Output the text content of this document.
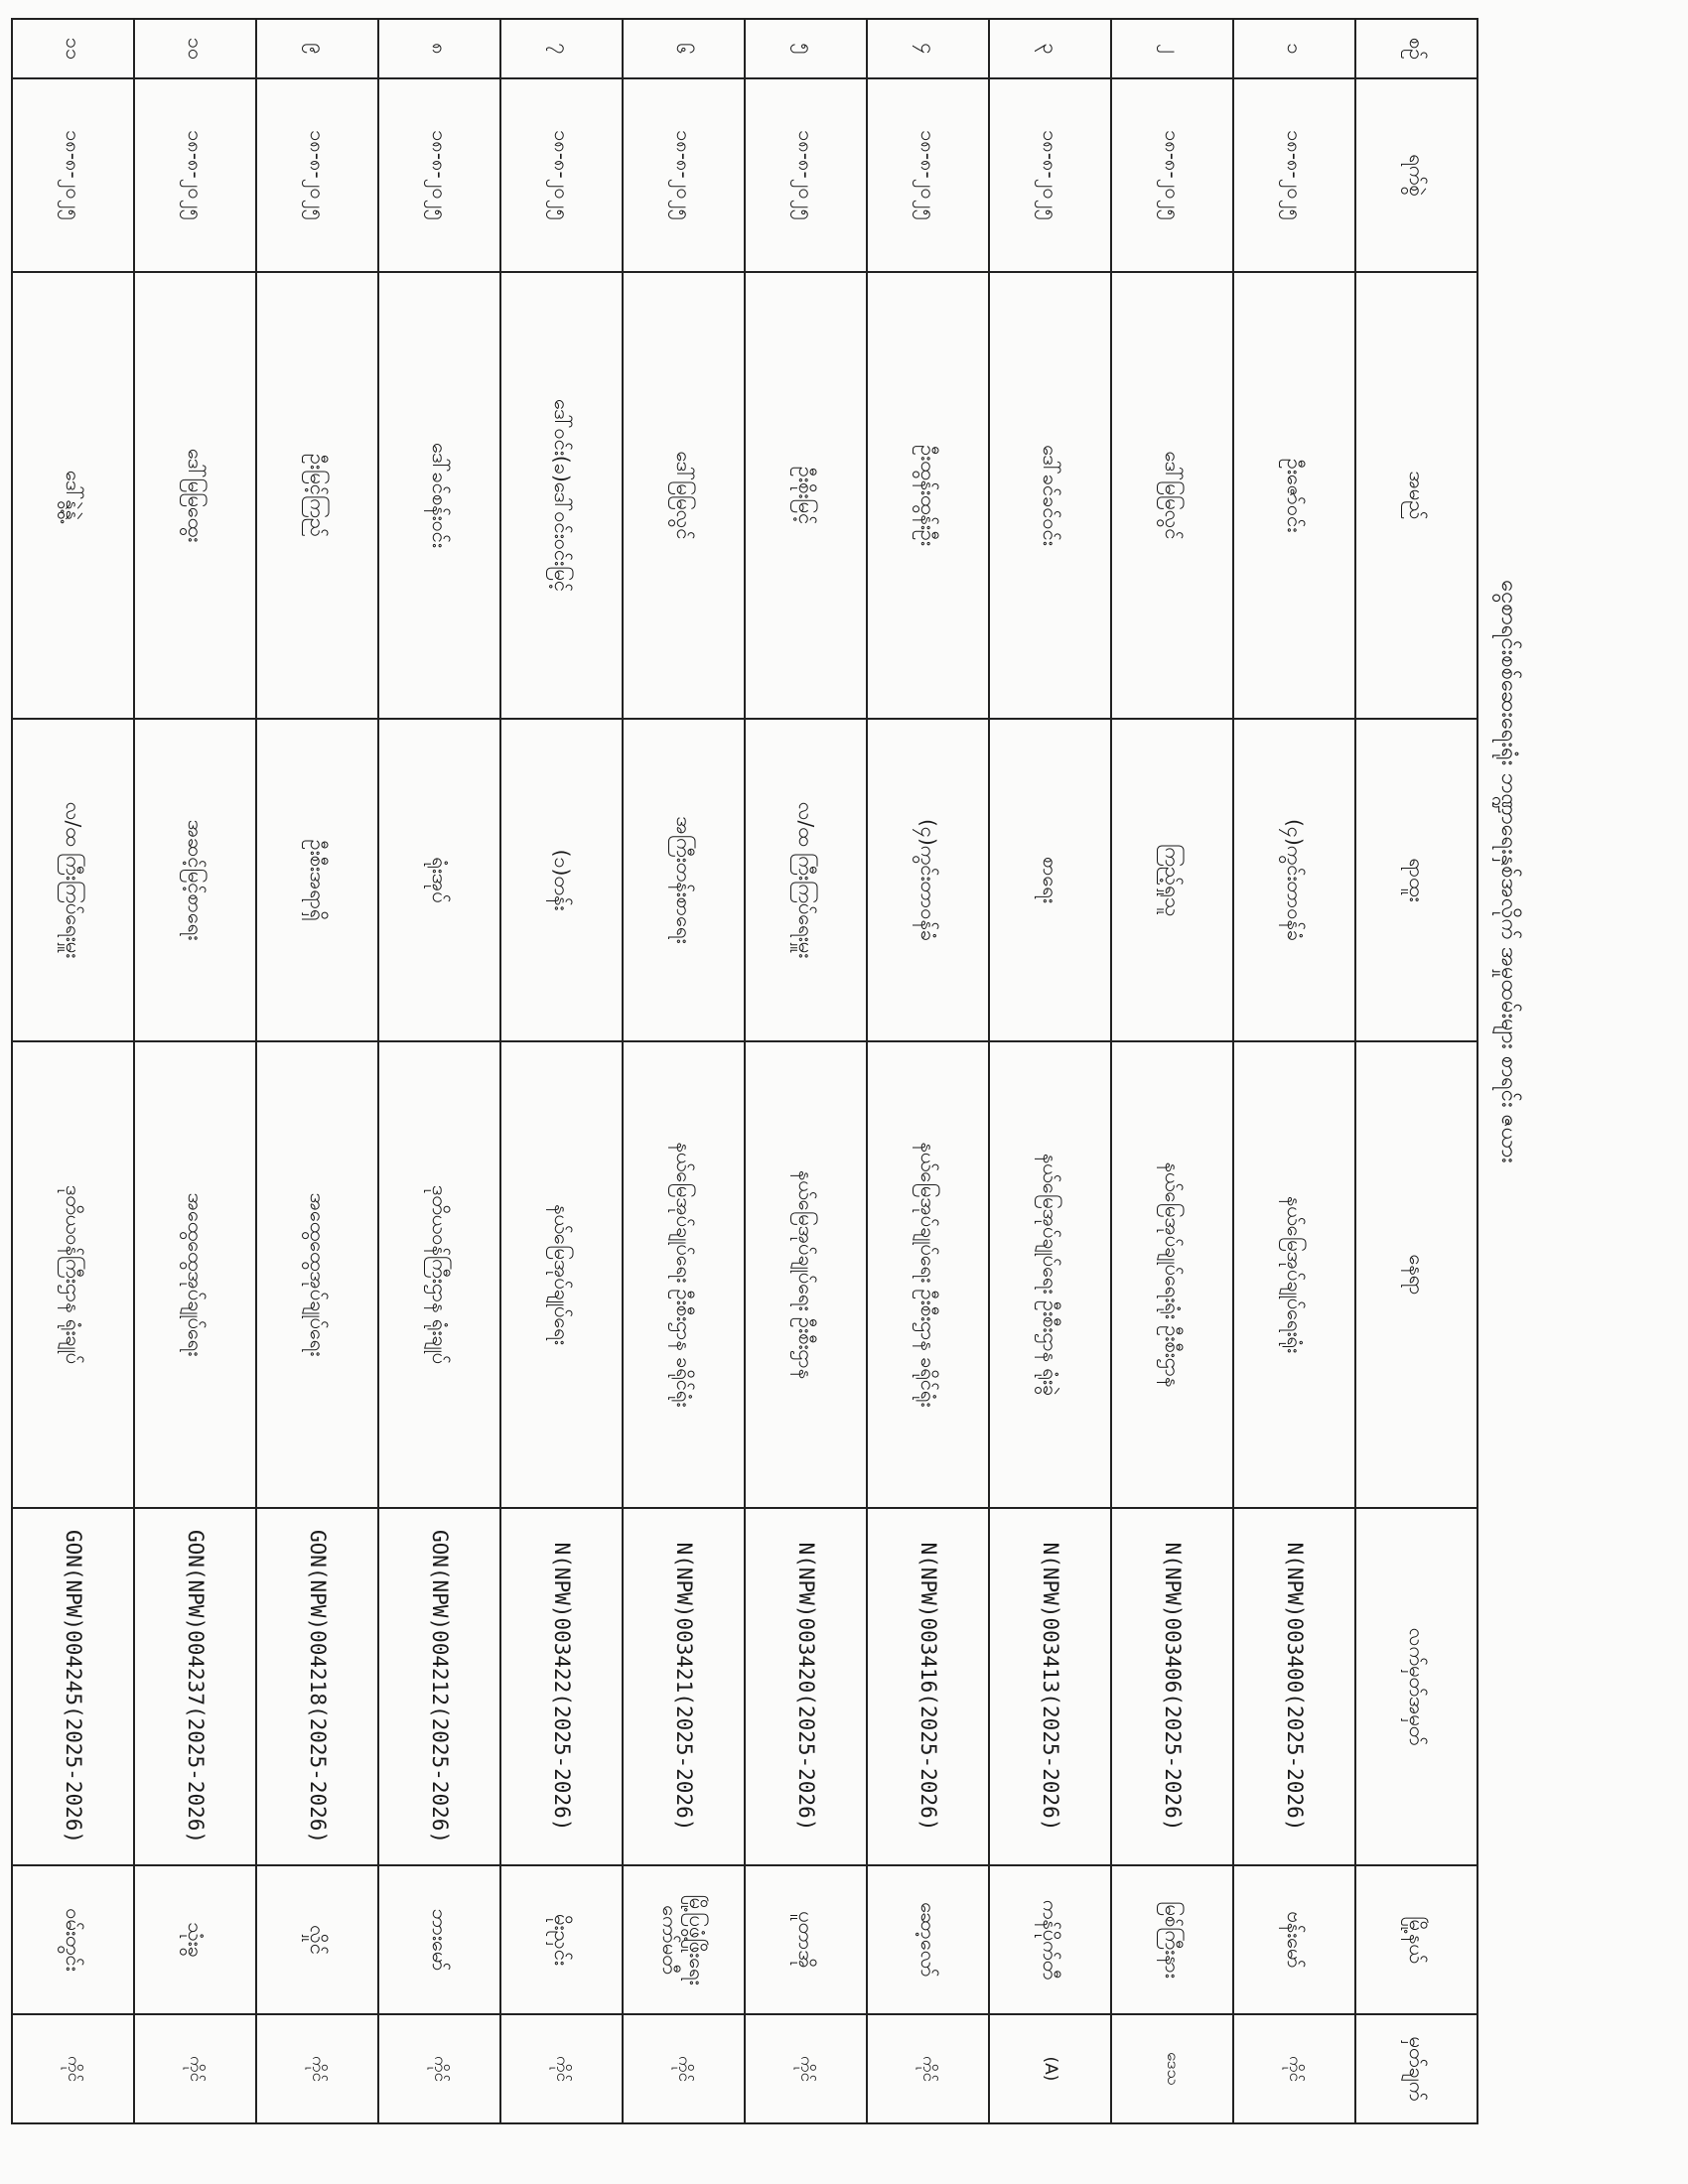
ငွေစာရင်းစစ်ဆေးရေးရုံး ဘဏ္ဍာရေးနှစ်အလိုက် အမှုထမ်းများ စာရင်း ဇယား
စဉ်	ရက်စွဲ	အမည်	ရာထူး	နေရာ	လက်မှတ်အမှတ်	မြို့နယ်	မှတ်ချက်
၁	၁၈-၈-၂၀၂၅	ဦးဇော်ဝင်း	(၄)ကွင်းတာဝန်ခံ	နယ်မြေအုပ်ချုပ်ရေးရုံး	N(NPW)003400(2025-2026)	ဗန်းမော်	ကိုင်
၂	၁၈-၈-၂၀၂၅	ဒေါ်မြမြလွင်	ကြည့်ရှုသူ	နယ်မြေအုပ်ချုပ်ရေးရုံး ဦးစီးဌာန	N(NPW)003406(2025-2026)	မြစ်ကြီးနား	ဒေသ
၃	၁၈-၈-၂၀၂၅	ဒေါ်ခင်ခင်ဝင်း	စာရေး	နယ်မြေအုပ်ချုပ်ရေး ဦးစီးဌာန ရုံးခွဲ	N(NPW)003413(2025-2026)	ကန်ပိုက်တီ	(A)
၄	၁၈-၈-၂၀၂၅	ဦးထွန်းထွန်းဦး	(၄)ကွင်းတာဝန်ခံ	နယ်မြေအုပ်ချုပ်ရေး ဦးစီးဌာန ခရိုင်ရုံး	N(NPW)003416(2025-2026)	ဆော့လော်	ကိုင်
၅	၁၈-၈-၂၀၂၅	ဦးစိုးမြင့်	လ/ထ ကြီးကြပ်ရေးမှူး	နယ်မြေအုပ်ချုပ်ရေး ဦးစီးဌာန	N(NPW)003420(2025-2026)	ပူတာအို	ကိုင်
၆	၁၈-၈-၂၀၂၅	ဒေါ်မြမြလွင်	အကြီးတန်းစာရေး	နယ်မြေအုပ်ချုပ်ရေး ဦးစီးဌာန ခရိုင်ရုံး	N(NPW)003421(2025-2026)	မြို့ပြဖွံ့ဖြိုးရေးကော်မတီ	ကိုင်
၇	၁၈-၈-၂၀၂၅	ဒေါ်ဝင်း(ခ)ဒေါ်ဝင်းဝင်းမြင့်	(၁)တန်း	နယ်မြေအုပ်ချုပ်ရေး	N(NPW)003422(2025-2026)	မိုးညှင်း	ကိုင်
၈	၁၈-၈-၂၀၂၅	ဒေါ်ခင်စန်းဝင်း	ရုံးအုပ်	ဒုတိယဝန်ကြီးဌာန ရုံးချုပ်	GON(NPW)004212(2025-2026)	ဘားမော်	ကိုင်
၉	၁၈-၈-၂၀၂၅	ဦးမြင့်ကြည်	ဦးစီးအရာရှိ	အထွေထွေအုပ်ချုပ်ရေး	GON(NPW)004218(2025-2026)	လှိုင်	ကိုင်
၁၀	၁၈-၈-၂၀၂၅	ဒေါ်မြမြထွေး	အဆင့်မြင့်စာရေး	အထွေထွေအုပ်ချုပ်ရေး	GON(NPW)004237(2025-2026)	သုံးခွ	ကိုင်
၁၁	၁၈-၈-၂၀၂၅	ဒေါ်နွဲ့နွဲ့	လ/ထ ကြီးကြပ်ရေးမှူး	ဒုတိယဝန်ကြီးဌာန ရုံးချုပ်	GON(NPW)004245(2025-2026)	ဝမ်းတွင်း	ကိုင်
